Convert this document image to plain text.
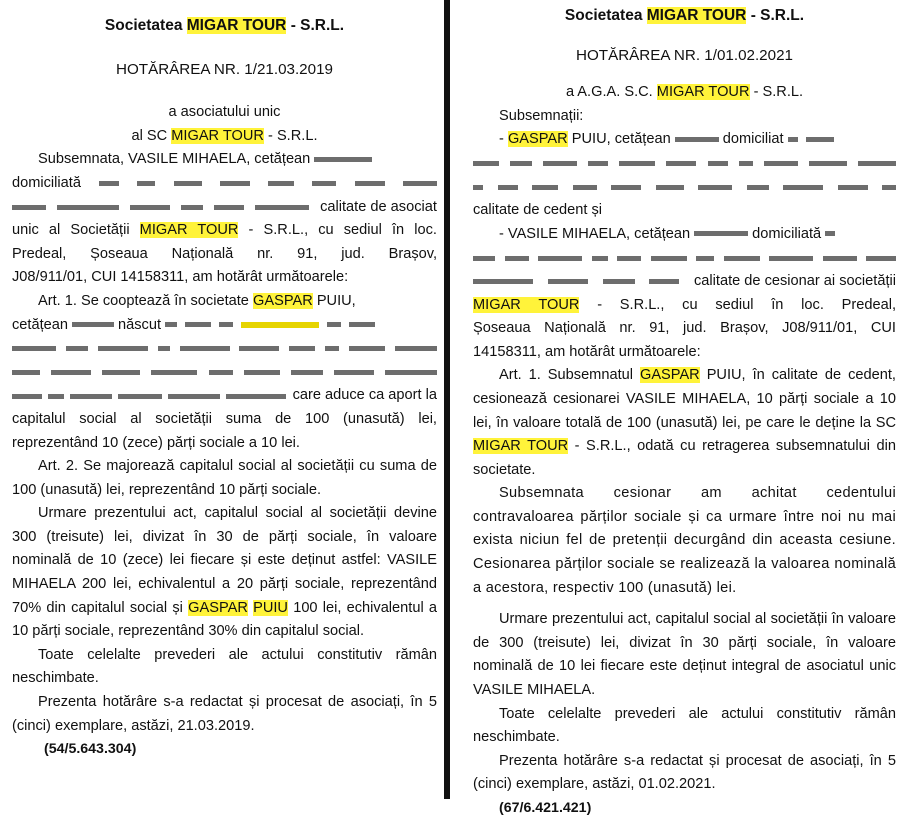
Societatea MIGAR TOUR - S.R.L.

HOTĂRÂREA NR. 1/21.03.2019

a asociatului unic

al SC MIGAR TOUR - S.R.L.

Subsemnata, VASILE MIHAELA, cetățean

domiciliată
calitate de asociat

unic al Societății MIGAR TOUR - S.R.L., cu sediul în loc.

Predeal, Șoseaua Națională nr. 91, jud. Brașov,

J08/911/01, CUI 14158311, am hotărât următoarele:

Art. 1. Se cooptează în societate GASPAR PUIU,

cetățean	născut

care aduce ca aport la

capitalul social al societății suma de 100 (unasută) lei,

reprezentând 10 (zece) părți sociale a 10 lei.

Art. 2. Se majorează capitalul social al societății cu suma de 100 (unasută) lei, reprezentând 10 părți sociale.

Urmare prezentului act, capitalul social al societății devine 300 (treisute) lei, divizat în 30 de părți sociale, în valoare nominală de 10 (zece) lei fiecare și este deținut astfel: VASILE MIHAELA 200 lei, echivalentul a 20 părți sociale, reprezentând 70% din capitalul social și GASPAR PUIU 100 lei, echivalentul a 10 părți sociale, reprezentând 30% din capitalul social.

Toate celelalte prevederi ale actului constitutiv rămân neschimbate.

Prezenta hotărâre s-a redactat și procesat de asociați, în 5 (cinci) exemplare, astăzi, 21.03.2019.

(54/5.643.304)

Societatea MIGAR TOUR - S.R.L.

HOTĂRÂREA NR. 1/01.02.2021

a A.G.A. S.C. MIGAR TOUR - S.R.L.

Subsemnații:

- GASPAR PUIU, cetățean	domiciliat

calitate de cedent și

- VASILE MIHAELA, cetățean	domiciliată

calitate de cesionar ai societății

MIGAR TOUR - S.R.L., cu sediul în loc. Predeal,

Șoseaua Națională nr. 91, jud. Brașov, J08/911/01, CUI 14158311, am hotărât următoarele:

Art. 1. Subsemnatul GASPAR PUIU, în calitate de cedent, cesionează cesionarei VASILE MIHAELA, 10 părți sociale a 10 lei, în valoare totală de 100 (unasută) lei, pe care le deține la SC MIGAR TOUR - S.R.L., odată cu retragerea subsemnatului din societate.

Subsemnata cesionar am achitat cedentului contravaloarea părților sociale și ca urmare între noi nu mai exista niciun fel de pretenții decurgând din aceasta cesiune. Cesionarea părților sociale se realizează la valoarea nominală a acestora, respectiv 100 (unasută) lei.

Urmare prezentului act, capitalul social al societății în valoare de 300 (treisute) lei, divizat în 30 părți sociale, în valoare nominală de 10 lei fiecare este deținut integral de asociatul unic VASILE MIHAELA.

Toate celelalte prevederi ale actului constitutiv rămân neschimbate.

Prezenta hotărâre s-a redactat și procesat de asociați, în 5 (cinci) exemplare, astăzi, 01.02.2021.

(67/6.421.421)
